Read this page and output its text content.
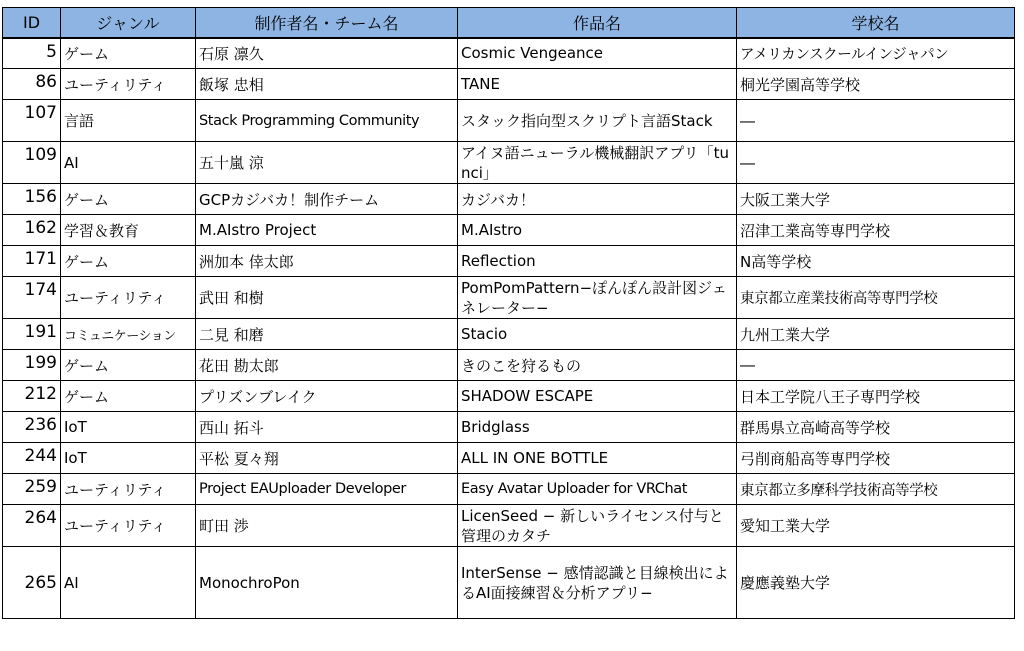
ID	ジャンル	制作者名・チーム名	作品名	学校名
5	ゲーム	石原 凛久	Cosmic Vengeance	アメリカンスクールインジャパン
86	ユーティリティ	飯塚 忠相	TANE	桐光学園高等学校
107	言語	Stack Programming Community	スタック指向型スクリプト言語Stack	―
109	AI	五十嵐 涼	アイヌ語ニューラル機械翻訳アプリ「tunci」	―
156	ゲーム	GCPカジバカ！制作チーム	カジバカ！	大阪工業大学
162	学習＆教育	M.AIstro Project	M.AIstro	沼津工業高等専門学校
171	ゲーム	洲加本 倖太郎	Reflection	N高等学校
174	ユーティリティ	武田 和樹	PomPomPattern−ぽんぽん設計図ジェネレーター−	東京都立産業技術高等専門学校
191	コミュニケーション	二見 和磨	Stacio	九州工業大学
199	ゲーム	花田 勘太郎	きのこを狩るもの	―
212	ゲーム	プリズンブレイク	SHADOW ESCAPE	日本工学院八王子専門学校
236	IoT	西山 拓斗	Bridglass	群馬県立高崎高等学校
244	IoT	平松 夏々翔	ALL IN ONE BOTTLE	弓削商船高等専門学校
259	ユーティリティ	Project EAUploader Developer	Easy Avatar Uploader for VRChat	東京都立多摩科学技術高等学校
264	ユーティリティ	町田 渉	LicenSeed − 新しいライセンス付与と管理のカタチ	愛知工業大学
265	AI	MonochroPon	InterSense − 感情認識と目線検出によるAI面接練習＆分析アプリ−	慶應義塾大学
